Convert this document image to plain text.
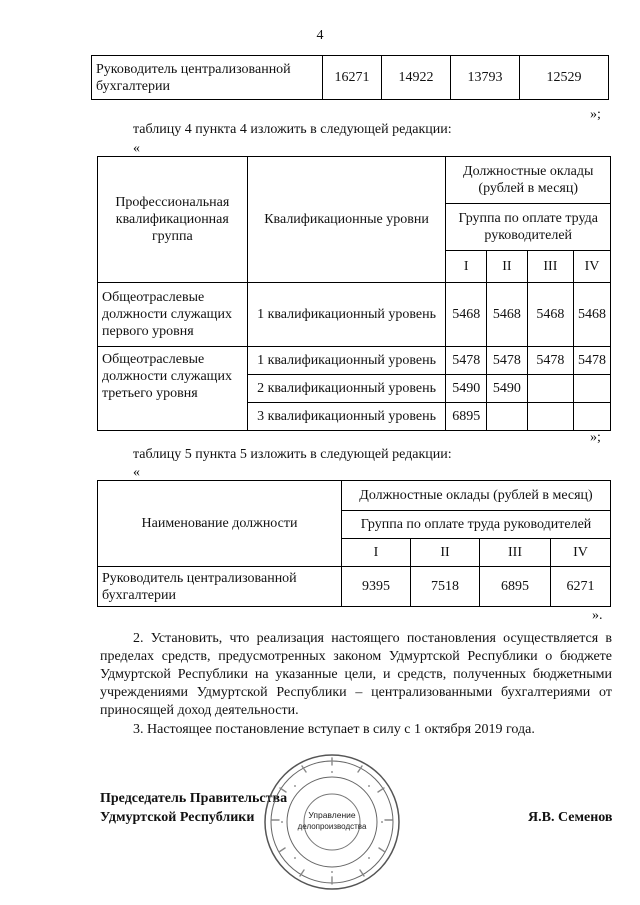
4
Руководитель централизованной бухгалтерии	16271	14922	13793	12529
»;
таблицу 4 пункта 4 изложить в следующей редакции:
«
Профессиональная квалификационная группа	Квалификационные уровни	Должностные оклады (рублей в месяц)			
		Группа по оплате труда руководителей			
		I	II	III	IV
Общеотраслевые должности служащих первого уровня	1 квалификационный уровень	5468	5468	5468	5468
Общеотраслевые должности служащих третьего уровня	1 квалификационный уровень	5478	5478	5478	5478
	2 квалификационный уровень	5490	5490		
	3 квалификационный уровень	6895			
»;
таблицу 5 пункта 5 изложить в следующей редакции:
«
Наименование должности	Должностные оклады (рублей в месяц)			
	Группа по оплате труда руководителей			
	I	II	III	IV
Руководитель централизованной бухгалтерии	9395	7518	6895	6271
».
2. Установить, что реализация настоящего постановления осуществляется в пределах средств, предусмотренных законом Удмуртской Республики о бюджете Удмуртской Республики на указанные цели, и средств, полученных бюджетными учреждениями Удмуртской Республики – централизованными бухгалтериями от приносящей доход деятельности.
3. Настоящее постановление вступает в силу с 1 октября 2019 года.
Председатель Правительства
Удмуртской Республики	Я.В. Семенов
Управление
делопроизводства
